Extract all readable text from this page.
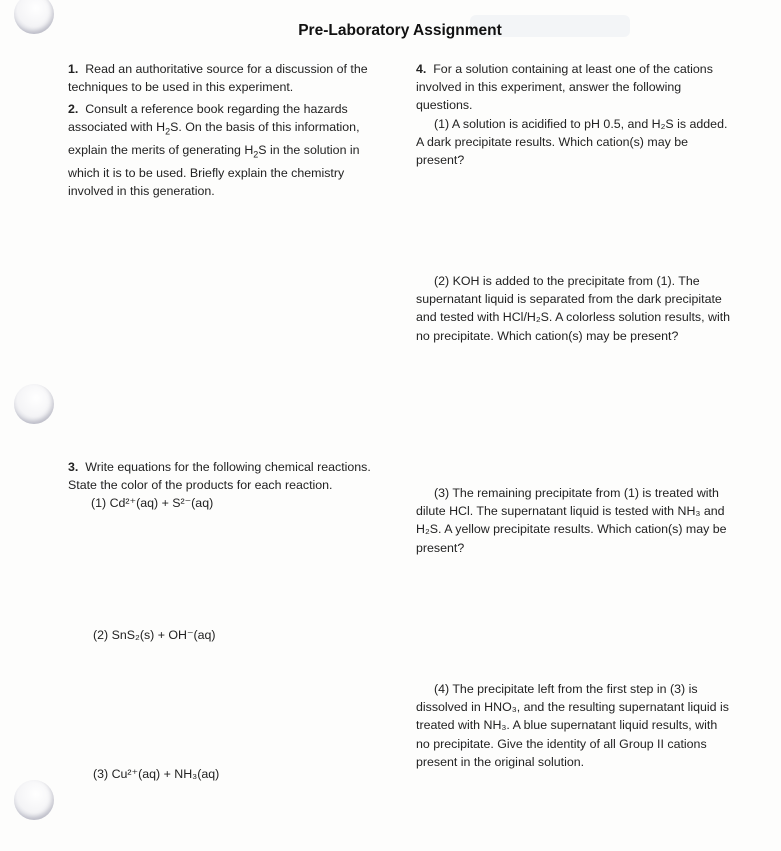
Pre-Laboratory Assignment

1. Read an authoritative source for a discussion of the techniques to be used in this experiment.

2. Consult a reference book regarding the hazards associated with $H_2S$. On the basis of this information, explain the merits of generating $H_2S$ in the solution in which it is to be used. Briefly explain the chemistry involved in this generation.

3. Write equations for the following chemical reactions. State the color of the products for each reaction.

(1) Cd²⁺(aq) + S²⁻(aq)

(2) SnS₂(s) + OH⁻(aq)

(3) Cu²⁺(aq) + NH₃(aq)

4. For a solution containing at least one of the cations involved in this experiment, answer the following questions.

(1) A solution is acidified to pH 0.5, and H₂S is added. A dark precipitate results. Which cation(s) may be present?

(2) KOH is added to the precipitate from (1). The supernatant liquid is separated from the dark precipitate and tested with HCl/H₂S. A colorless solution results, with no precipitate. Which cation(s) may be present?

(3) The remaining precipitate from (1) is treated with dilute HCl. The supernatant liquid is tested with NH₃ and H₂S. A yellow precipitate results. Which cation(s) may be present?

(4) The precipitate left from the first step in (3) is dissolved in HNO₃, and the resulting supernatant liquid is treated with NH₃. A blue supernatant liquid results, with no precipitate. Give the identity of all Group II cations present in the original solution.
